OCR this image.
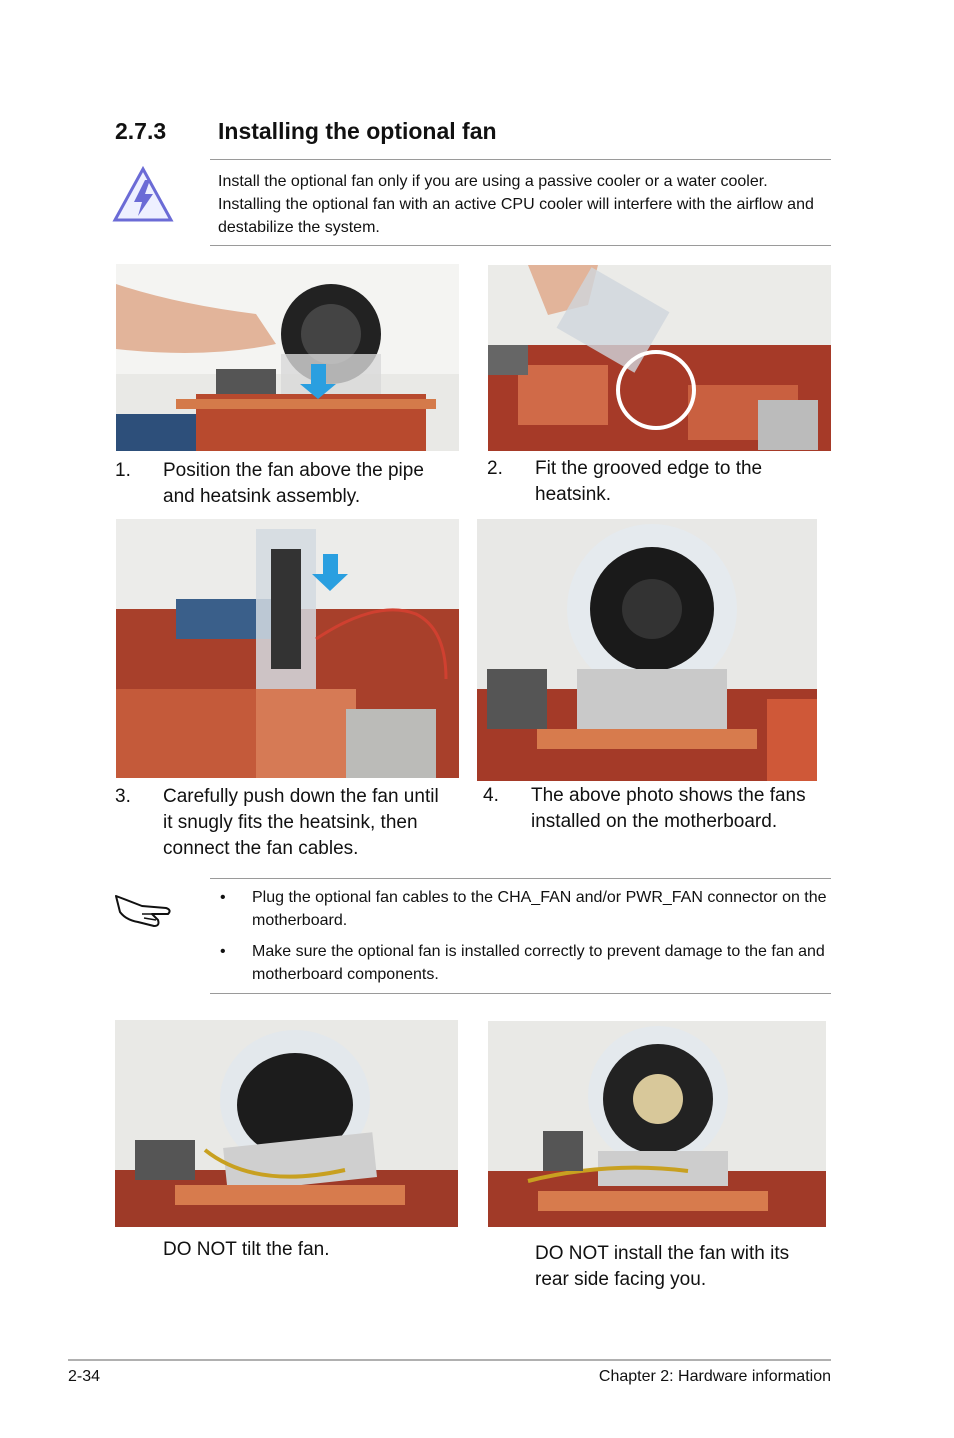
2.7.3 Installing the optional fan
Install the optional fan only if you are using a passive cooler or a water cooler. Installing the optional fan with an active CPU cooler will interfere with the airflow and destabilize the system.
1. Position the fan above the pipe and heatsink assembly.
2. Fit the grooved edge to the heatsink.
3. Carefully push down the fan until it snugly fits the heatsink, then connect the fan cables.
4. The above photo shows the fans installed on the motherboard.
• Plug the optional fan cables to the CHA_FAN and/or PWR_FAN connector on the motherboard.
• Make sure the optional fan is installed correctly to prevent damage to the fan and motherboard components.
DO NOT tilt the fan.	DO NOT install the fan with its rear side facing you.
2-34	Chapter 2: Hardware information
